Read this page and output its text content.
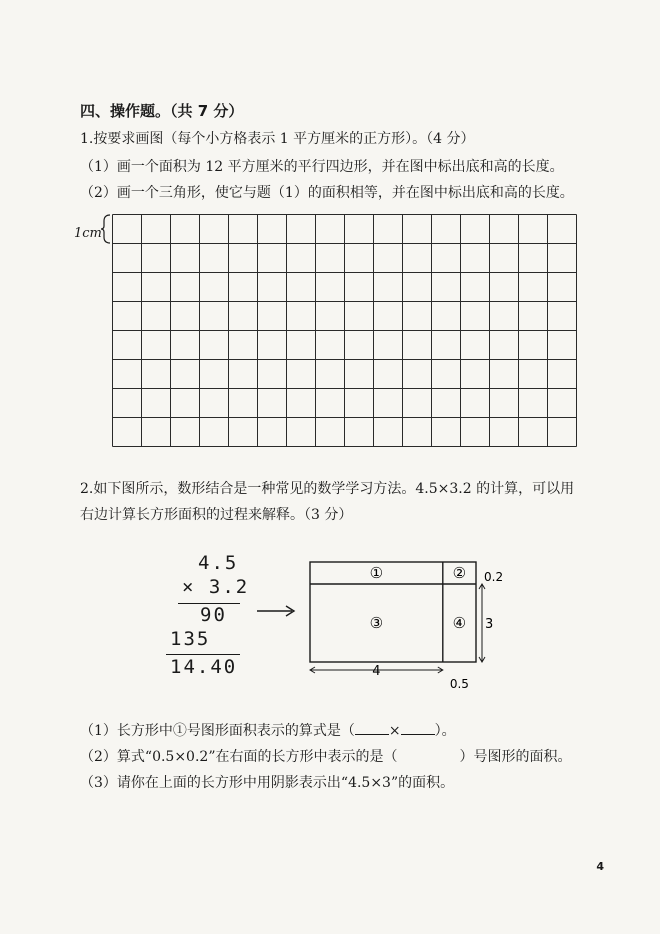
四、操作题。（共 7 分）
1.按要求画图（每个小方格表示 1 平方厘米的正方形）。（4 分）
（1）画一个面积为 12 平方厘米的平行四边形，并在图中标出底和高的长度。
（2）画一个三角形，使它与题（1）的面积相等，并在图中标出底和高的长度。
1cm
2.如下图所示，数形结合是一种常见的数学学习方法。4.5×3.2 的计算，可以用
右边计算长方形面积的过程来解释。（3 分）
4.5
× 3.2
90
135
14.40
①	②
③	④
0.2
3
4
0.5
（1）长方形中①号图形面积表示的算式是（ × ）。
（2）算式“0.5×0.2”在右面的长方形中表示的是（	）号图形的面积。
（3）请你在上面的长方形中用阴影表示出“4.5×3”的面积。
4
